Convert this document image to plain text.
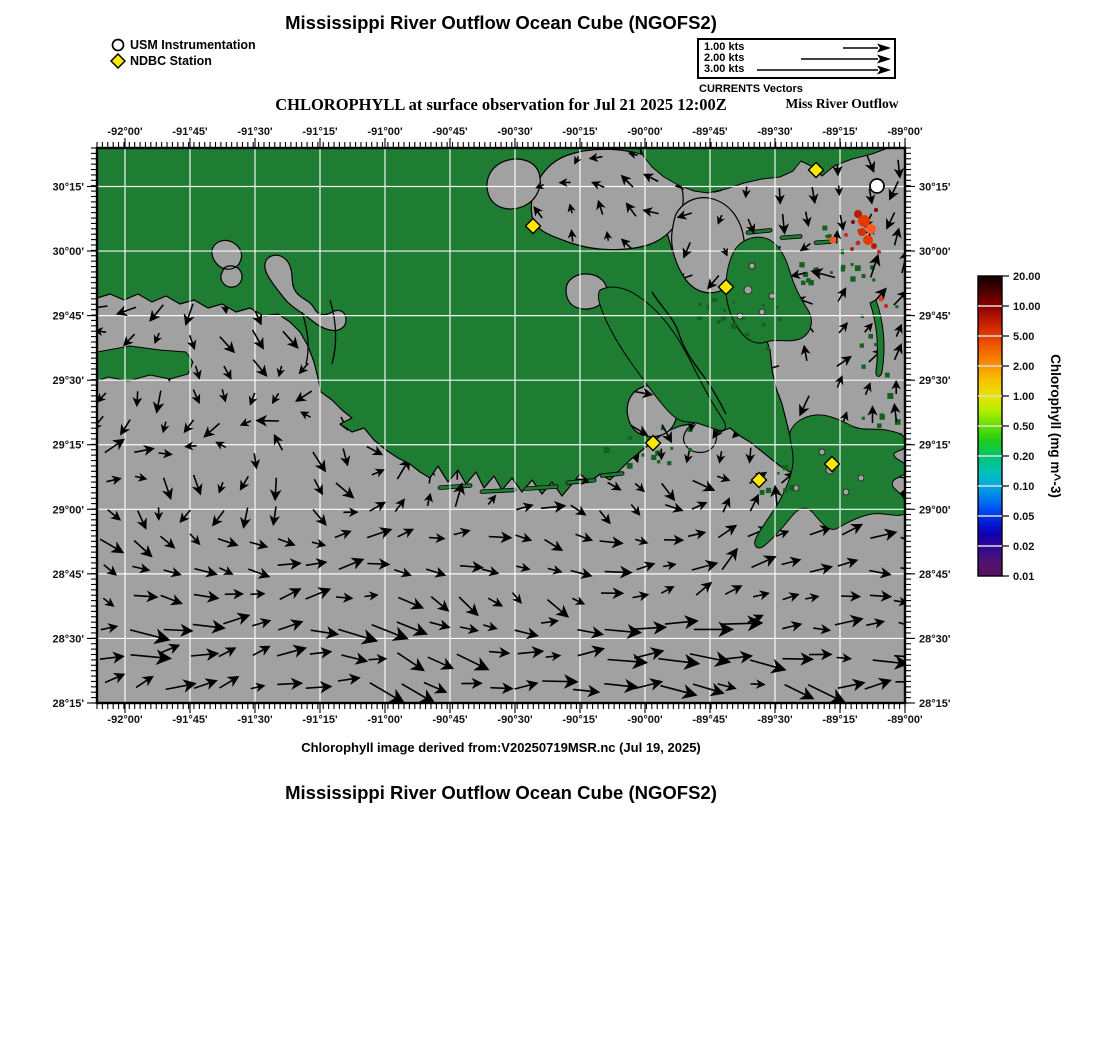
Mississippi River Outflow Ocean Cube (NGOFS2)
USM Instrumentation
NDBC Station
1.00 kts
2.00 kts
3.00 kts
CURRENTS Vectors
Miss River Outflow
CHLOROPHYLL at surface observation for Jul 21 2025 12:00Z
-92°00'
-92°00'
-91°45'
-91°45'
-91°30'
-91°30'
-91°15'
-91°15'
-91°00'
-91°00'
-90°45'
-90°45'
-90°30'
-90°30'
-90°15'
-90°15'
-90°00'
-90°00'
-89°45'
-89°45'
-89°30'
-89°30'
-89°15'
-89°15'
-89°00'
-89°00'
30°15'	30°15'
30°00'	30°00'
29°45'	29°45'
29°30'	29°30'
29°15'	29°15'
29°00'	29°00'
28°45'	28°45'
28°30'	28°30'
28°15'	28°15'
Chlorophyll (mg m^-3)
20.00
10.00
5.00
2.00
1.00
0.50
0.20
0.10
0.05
0.02
0.01
Chlorophyll image derived from:V20250719MSR.nc (Jul 19, 2025)
Mississippi River Outflow Ocean Cube (NGOFS2)
